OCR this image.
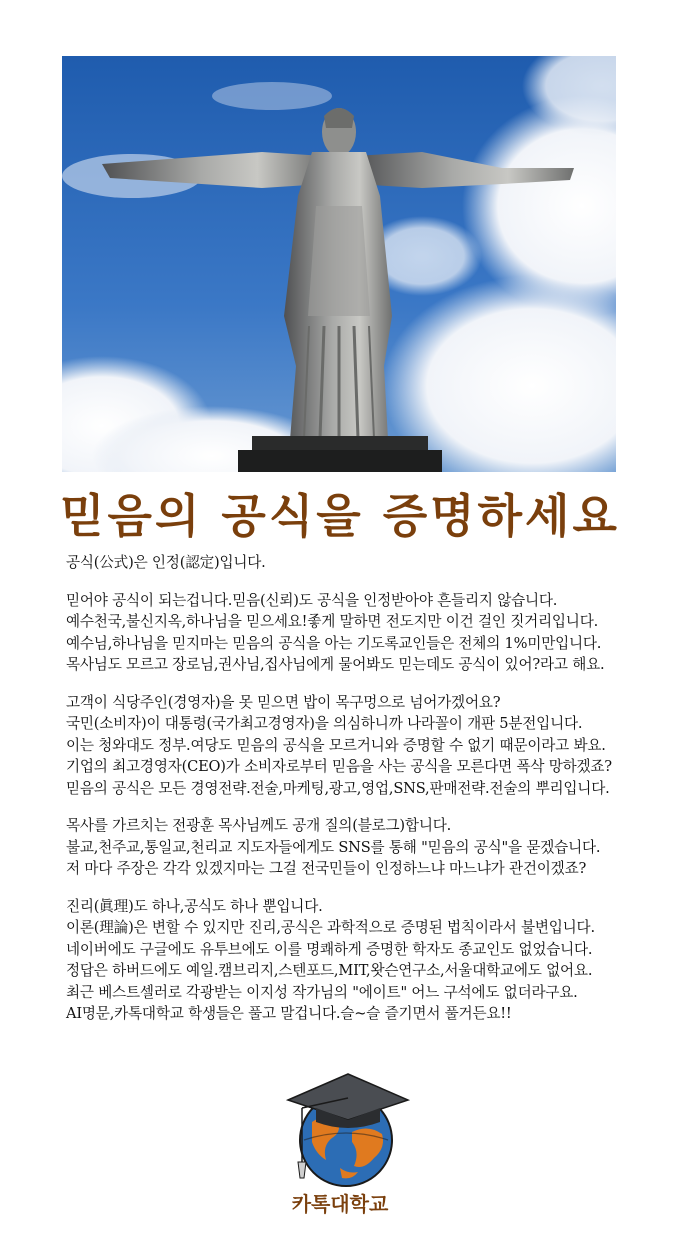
믿음의 공식을 증명하세요
공식(公式)은 인정(認定)입니다.
믿어야 공식이 되는겁니다.믿음(신뢰)도 공식을 인정받아야 흔들리지 않습니다.
예수천국,불신지옥,하나님을 믿으세요!좋게 말하면 전도지만 이건 걸인 짓거리입니다.
예수님,하나님을 믿지마는 믿음의 공식을 아는 기도록교인들은 전체의 1%미만입니다.
목사님도 모르고 장로님,권사님,집사님에게 물어봐도 믿는데도 공식이 있어?라고 해요.
고객이 식당주인(경영자)을 못 믿으면 밥이 목구멍으로 넘어가겠어요?
국민(소비자)이 대통령(국가최고경영자)을 의심하니까 나라꼴이 개판 5분전입니다.
이는 청와대도 정부.여당도 믿음의 공식을 모르거니와 증명할 수 없기 때문이라고 봐요.
기업의 최고경영자(CEO)가 소비자로부터 믿음을 사는 공식을 모른다면 폭삭 망하겠죠?
믿음의 공식은 모든 경영전략.전술,마케팅,광고,영업,SNS,판매전략.전술의 뿌리입니다.
목사를 가르치는 전광훈 목사님께도 공개 질의(블로그)합니다.
불교,천주교,통일교,천리교 지도자들에게도 SNS를 통해 "믿음의 공식"을 묻겠습니다.
저 마다 주장은 각각 있겠지마는 그걸 전국민들이 인정하느냐 마느냐가 관건이겠죠?
진리(眞理)도 하나,공식도 하나 뿐입니다.
이론(理論)은 변할 수 있지만 진리,공식은 과학적으로 증명된 법칙이라서 불변입니다.
네이버에도 구글에도 유투브에도 이를 명쾌하게 증명한 학자도 종교인도 없었습니다.
정답은 하버드에도 예일.캠브리지,스텐포드,MIT,왓슨연구소,서울대학교에도 없어요.
최근 베스트셀러로 각광받는 이지성 작가님의 "에이트" 어느 구석에도 없더라구요.
AI명문,카톡대학교 학생들은 풀고 말겁니다.슬~슬 즐기면서 풀거든요!!
카톡대학교
